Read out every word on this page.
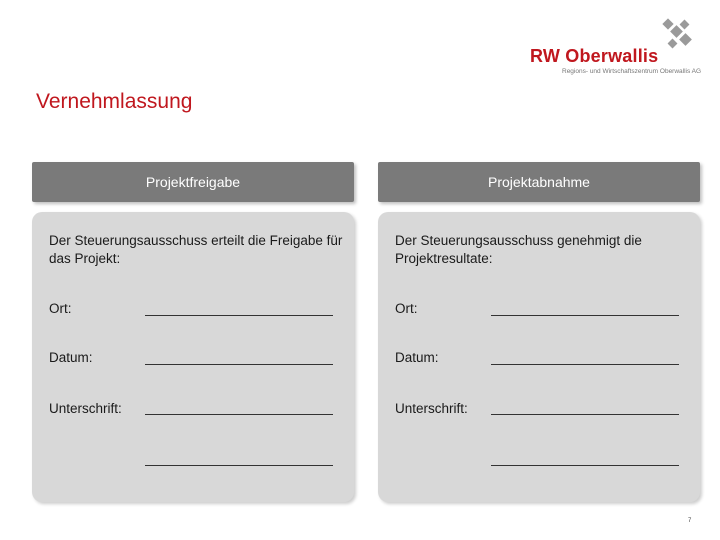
RW Oberwallis
Regions- und Wirtschaftszentrum Oberwallis AG
Vernehmlassung
Projektfreigabe	Projektabnahme
Der Steuerungsausschuss erteilt die Freigabe für das Projekt:
Ort:
Datum:
Unterschrift:
Der Steuerungsausschuss genehmigt die Projektresultate:
Ort:
Datum:
Unterschrift:
7
